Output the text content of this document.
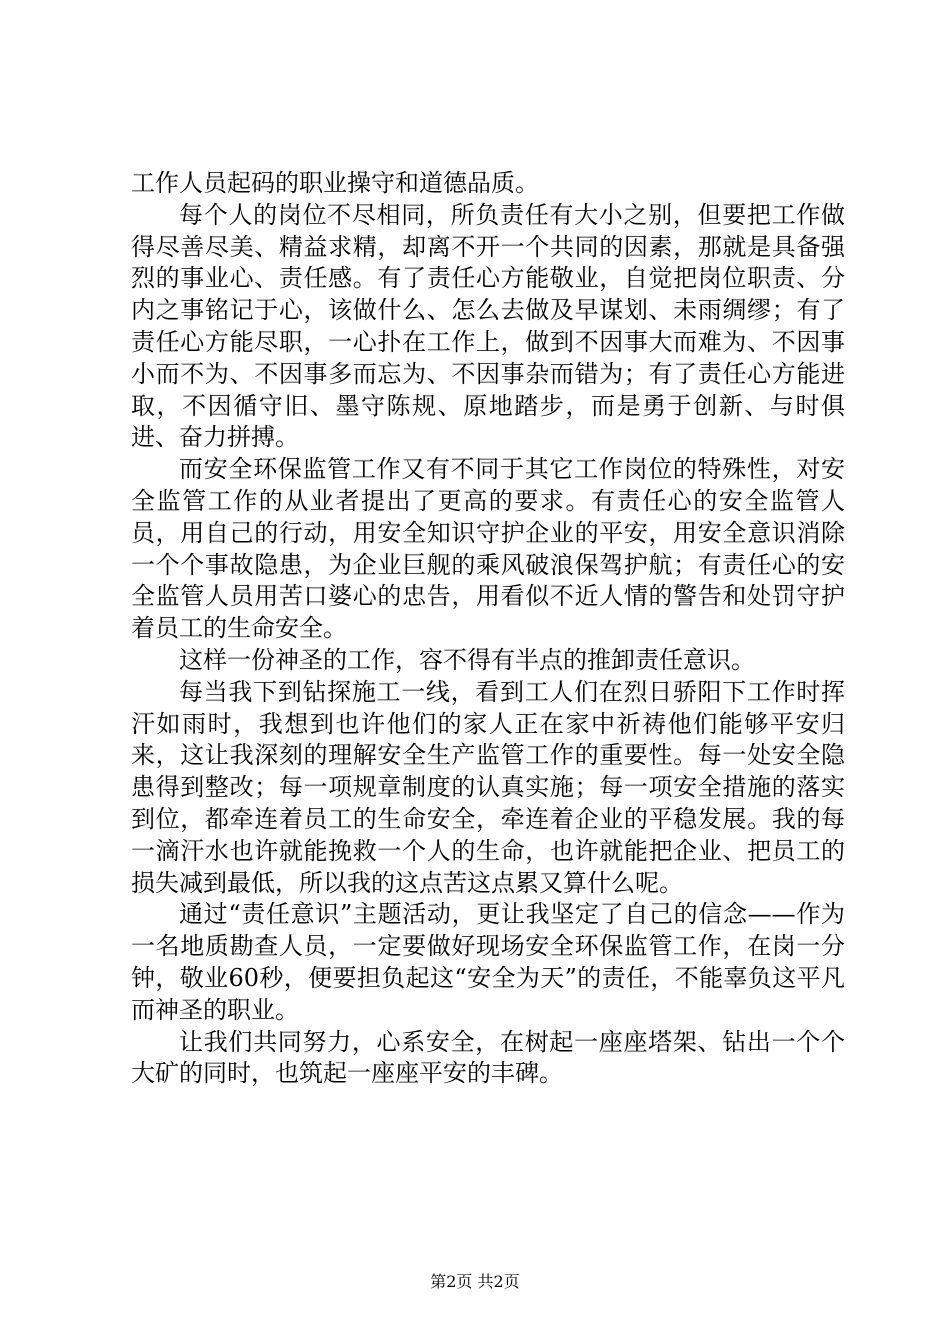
工作人员起码的职业操守和道德品质。

每个人的岗位不尽相同，所负责任有大小之别，但要把工作做得尽善尽美、精益求精，却离不开一个共同的因素，那就是具备强烈的事业心、责任感。有了责任心方能敬业，自觉把岗位职责、分内之事铭记于心，该做什么、怎么去做及早谋划、未雨绸缪；有了责任心方能尽职，一心扑在工作上，做到不因事大而难为、不因事小而不为、不因事多而忘为、不因事杂而错为；有了责任心方能进取，不因循守旧、墨守陈规、原地踏步，而是勇于创新、与时俱进、奋力拼搏。

而安全环保监管工作又有不同于其它工作岗位的特殊性，对安全监管工作的从业者提出了更高的要求。有责任心的安全监管人员，用自己的行动，用安全知识守护企业的平安，用安全意识消除一个个事故隐患，为企业巨舰的乘风破浪保驾护航；有责任心的安全监管人员用苦口婆心的忠告，用看似不近人情的警告和处罚守护着员工的生命安全。

这样一份神圣的工作，容不得有半点的推卸责任意识。

每当我下到钻探施工一线，看到工人们在烈日骄阳下工作时挥汗如雨时，我想到也许他们的家人正在家中祈祷他们能够平安归来，这让我深刻的理解安全生产监管工作的重要性。每一处安全隐患得到整改；每一项规章制度的认真实施；每一项安全措施的落实到位，都牵连着员工的生命安全，牵连着企业的平稳发展。我的每一滴汗水也许就能挽救一个人的生命，也许就能把企业、把员工的损失减到最低，所以我的这点苦这点累又算什么呢。

通过“责任意识”主题活动，更让我坚定了自己的信念——作为一名地质勘查人员，一定要做好现场安全环保监管工作，在岗一分钟，敬业60秒，便要担负起这“安全为天”的责任，不能辜负这平凡而神圣的职业。

让我们共同努力，心系安全，在树起一座座塔架、钻出一个个大矿的同时，也筑起一座座平安的丰碑。

第2页 共2页
